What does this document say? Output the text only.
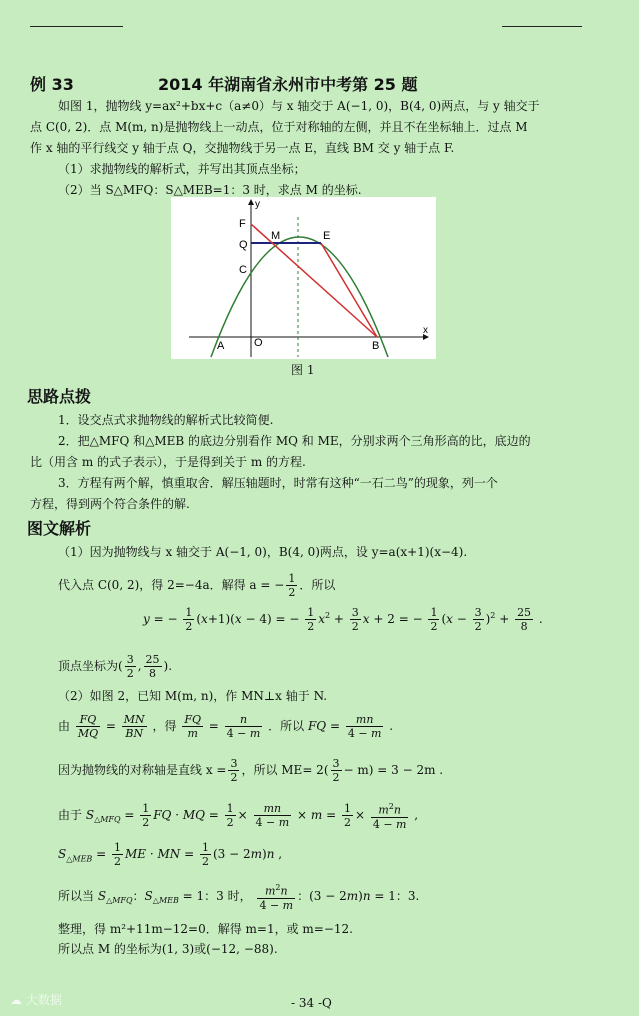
例 33	2014 年湖南省永州市中考第 25 题
如图 1，抛物线 y=ax²+bx+c（a≠0）与 x 轴交于 A(−1, 0)，B(4, 0)两点，与 y 轴交于
点 C(0, 2)．点 M(m, n)是抛物线上一动点，位于对称轴的左侧，并且不在坐标轴上．过点 M
作 x 轴的平行线交 y 轴于点 Q，交抛物线于另一点 E，直线 BM 交 y 轴于点 F.
（1）求抛物线的解析式，并写出其顶点坐标；
（2）当 S△MFQ：S△MEB=1：3 时，求点 M 的坐标.
F
Q
C
M	E
A	O	B
x
y
图 1
思路点拨
1．设交点式求抛物线的解析式比较简便.
2．把△MFQ 和△MEB 的底边分别看作 MQ 和 ME，分别求两个三角形高的比，底边的
比（用含 m 的式子表示），于是得到关于 m 的方程.
3．方程有两个解，慎重取舍．解压轴题时，时常有这种“一石二鸟”的现象，列一个
方程，得到两个符合条件的解.
图文解析
（1）因为抛物线与 x 轴交于 A(−1, 0)，B(4, 0)两点，设 y=a(x+1)(x−4).
代入点 C(0, 2)，得 2=−4a．解得 a = − $\frac{1}{2}$ ．所以
y = − $\frac{1}{2} (x+1)(x - 4)$ = − $\frac{1}{2} x^2 + \frac{3}{2}$ x + 2 = − $\frac{1}{2} (x - \frac{3}{2} )^2 + \frac{25}{8}$ .
顶点坐标为( $\frac{3}{2}$ , $\frac{25}{8}$ ).
（2）如图 2，已知 M(m, n)，作 MN⊥x 轴于 N.
由 $\frac{FQ}{MQ} = \frac{MN}{BN}$ ，得 $\frac{FQ}{m} = \frac{n}{4 - m}$ ．所以 FQ = $\frac{mn}{4 - m}$ .
因为抛物线的对称轴是直线 $x = \frac{3}{2}$ ，所以 $ME= 2( \frac{3}{2} - m) = 3 - 2m$ .
由于 $S_{\triangle MFQ} = \frac{1}{2}$ FQ · MQ = $\frac{1}{2} \times \frac{mn}{4 - m} \times m = \frac{1}{2} \times \frac{m^2n}{4 - m}$ ,
$S_{\triangle MEB} = \frac{1}{2}$ ME · MN = $\frac{1}{2} (3 - 2m)n$ ,
所以当 $S_{\triangle MFQ}$：$S_{\triangle MEB} = 1$：3 时， $\frac{m^2n}{4 - m}$ ：(3 − 2m)n = 1：3.
整理，得 m²+11m−12=0．解得 m=1，或 m=−12.
所以点 M 的坐标为(1, 3)或(−12, −88).
☁ 大数据	- 34 -Q
